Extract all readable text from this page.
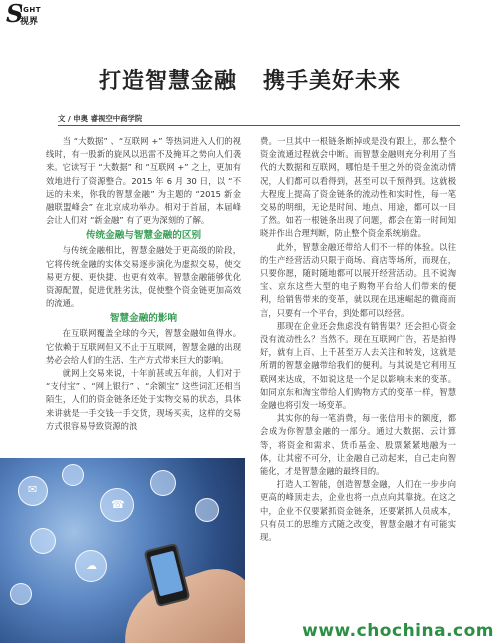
S
IGHT
视界
打造智慧金融 携手美好未来
文 / 申奥 睿视空中商学院

当 “大数据” 、“互联网 +” 等热词进入人们的视线时，有一股新的旋风以迅雷不及掩耳之势向人们袭来。它读写于 “大数据” 和 “互联网 +” 之上，更加有效地进行了资源整合。2015 年 6 月 30 日，以 “不远的未来，你我的智慧金融” 为主题的 “2015 新金融联盟峰会” 在北京成功举办。相对于首届，本届峰会让人们对 “新金融” 有了更为深刻的了解。

传统金融与智慧金融的区别

与传统金融相比，智慧金融处于更高级的阶段，它将传统金融的实体交易逐步演化为虚拟交易，使交易更方便、更快捷、也更有效率。智慧金融能够优化资源配置，促进优胜劣汰，促使整个资金链更加高效的流通。

智慧金融的影响

在互联网覆盖全球的今天，智慧金融如鱼得水。它依赖于互联网但又不止于互联网，智慧金融的出现势必会给人们的生活、生产方式带来巨大的影响。

就网上交易来说，十年前甚或五年前，人们对于 “支付宝” 、“网上银行” 、“余额宝” 这些词汇还相当陌生，人们的资金链条还处于实物交易的状态，具体来讲就是一手交钱一手交货，现场买卖，这样的交易方式很容易导致资源的浪

费。一旦其中一根链条断掉或是没有跟上，那么整个资金流通过程就会中断。而智慧金融则充分利用了当代的大数据和互联网，哪怕是千里之外的资金流动情况，人们都可以看得到，甚至可以千预得到。这就极大程度上提高了资金链条的流动性和实时性，每一笔交易的明细，无论是时间、地点、用途，都可以一目了然。如若一根链条出现了问题，都会在第一时间知晓并作出合理判断，防止整个资金系统崩盘。

此外，智慧金融还带给人们不一样的体验。以往的生产经营活动只限于商场、商店等场所，而现在，只要你愿，随时随地都可以展开经营活动。且不说淘宝、京东这些大型的电子购物平台给人们带来的便利，给销售带来的变革，就以现在迅速崛起的微商而言，只要有一个平台，到处都可以经营。

那现在企业还会焦虑没有销售渠？还会担心资金没有流动性么？当然不。现在互联网广告，若是拍得好，就有上百、上千甚至万人去关注和转发，这就是所谓的智慧金融带给我们的便利。与其说是它利用互联网来达成，不如说这是一个足以影响未来的变革。如同京东和淘宝带给人们购物方式的变革一样，智慧金融也将引发一场变革。

其实你的每一笔消费，每一张信用卡的额度，都会成为你智慧金融的一部分。通过大数据、云计算等，将资金和需求、货币基金、股票紧紧地融为一体，让其密不可分，让金融自己动起来，自己走向智能化，才是智慧金融的最终目的。

打造人工智能，创造智慧金融，人们在一步步向更高的峰顶走去，企业也将一点点向其靠拢。在这之中，企业不仅要紧抓资金链条，还要紧抓人员成本，只有员工的思维方式随之改变，智慧金融才有可能实现。

✉
☎
☁
www.chochina.com
